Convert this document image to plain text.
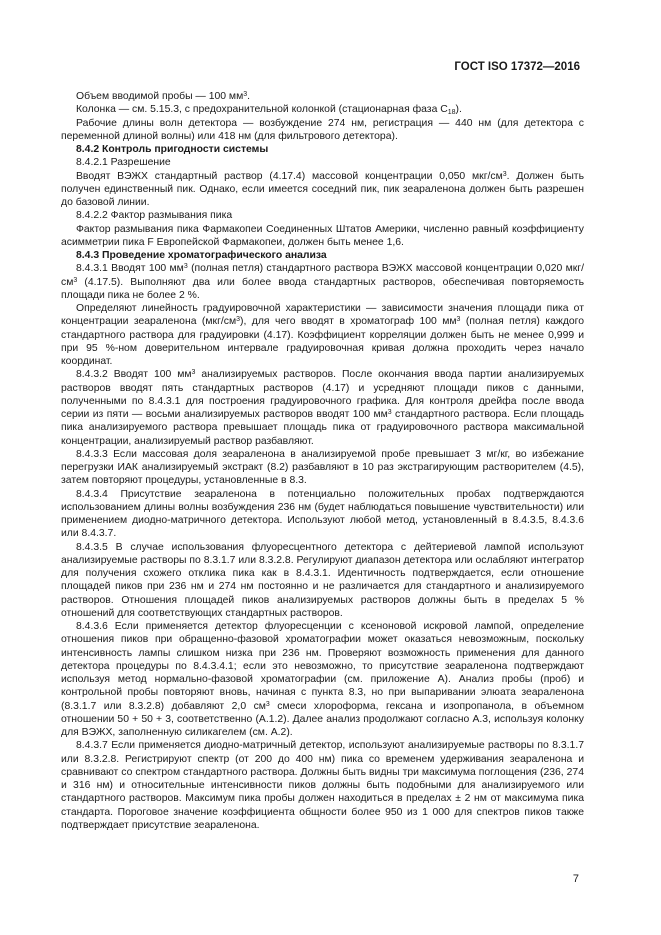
ГОСТ ISO 17372—2016

Объем вводимой пробы — 100 $мм^3$.

Колонка — см. 5.15.3, с предохранительной колонкой (стационарная фаза $С_{18}$).

Рабочие длины волн детектора — возбуждение 274 нм, регистрация — 440 нм (для детектора с переменной длиной волны) или 418 нм (для фильтрового детектора).

8.4.2 Контроль пригодности системы

8.4.2.1 Разрешение

Вводят ВЭЖХ стандартный раствор (4.17.4) массовой концентрации 0,050 мкг/$см^3$. Должен быть получен единственный пик. Однако, если имеется соседний пик, пик зеараленона должен быть разрешен до базовой линии.

8.4.2.2 Фактор размывания пика

Фактор размывания пика Фармакопеи Соединенных Штатов Америки, численно равный коэффициенту асимметрии пика F Европейской Фармакопеи, должен быть менее 1,6.

8.4.3 Проведение хроматографического анализа

8.4.3.1 Вводят 100 $мм^3$ (полная петля) стандартного раствора ВЭЖХ массовой концентрации 0,020 мкг/$см^3$ (4.17.5). Выполняют два или более ввода стандартных растворов, обеспечивая повторяемость площади пика не более 2 %.

Определяют линейность градуировочной характеристики — зависимости значения площади пика от концентрации зеараленона $(мкг/см^3)$, для чего вводят в хроматограф 100 $мм^3$ (полная петля) каждого стандартного раствора для градуировки (4.17). Коэффициент корреляции должен быть не менее 0,999 и при 95 %-ном доверительном интервале градуировочная кривая должна проходить через начало координат.

8.4.3.2 Вводят 100 $мм^3$ анализируемых растворов. После окончания ввода партии анализируемых растворов вводят пять стандартных растворов (4.17) и усредняют площади пиков с данными, полученными по 8.4.3.1 для построения градуировочного графика. Для контроля дрейфа после ввода серии из пяти — восьми анализируемых растворов вводят 100 $мм^3$ стандартного раствора. Если площадь пика анализируемого раствора превышает площадь пика от градуировочного раствора максимальной концентрации, анализируемый раствор разбавляют.

8.4.3.3 Если массовая доля зеараленона в анализируемой пробе превышает 3 мг/кг, во избежание перегрузки ИАК анализируемый экстракт (8.2) разбавляют в 10 раз экстрагирующим растворителем (4.5), затем повторяют процедуры, установленные в 8.3.

8.4.3.4 Присутствие зеараленона в потенциально положительных пробах подтверждаются использованием длины волны возбуждения 236 нм (будет наблюдаться повышение чувствительности) или применением диодно-матричного детектора. Используют любой метод, установленный в 8.4.3.5, 8.4.3.6 или 8.4.3.7.

8.4.3.5 В случае использования флуоресцентного детектора с дейтериевой лампой используют анализируемые растворы по 8.3.1.7 или 8.3.2.8. Регулируют диапазон детектора или ослабляют интегратор для получения схожего отклика пика как в 8.4.3.1. Идентичность подтверждается, если отношение площадей пиков при 236 нм и 274 нм постоянно и не различается для стандартного и анализируемого растворов. Отношения площадей пиков анализируемых растворов должны быть в пределах 5 % отношений для соответствующих стандартных растворов.

8.4.3.6 Если применяется детектор флуоресценции с ксеноновой искровой лампой, определение отношения пиков при обращенно-фазовой хроматографии может оказаться невозможным, поскольку интенсивность лампы слишком низка при 236 нм. Проверяют возможность применения для данного детектора процедуры по 8.4.3.4.1; если это невозможно, то присутствие зеараленона подтверждают используя метод нормально-фазовой хроматографии (см. приложение А). Анализ пробы (проб) и контрольной пробы повторяют вновь, начиная с пункта 8.3, но при выпаривании элюата зеараленона (8.3.1.7 или 8.3.2.8) добавляют 2,0 $см^3$ смеси хлороформа, гексана и изопропанола, в объемном отношении 50 + 50 + 3, соответственно (А.1.2). Далее анализ продолжают согласно А.3, используя колонку для ВЭЖХ, заполненную силикагелем (см. А.2).

8.4.3.7 Если применяется диодно-матричный детектор, используют анализируемые растворы по 8.3.1.7 или 8.3.2.8. Регистрируют спектр (от 200 до 400 нм) пика со временем удерживания зеараленона и сравнивают со спектром стандартного раствора. Должны быть видны три максимума поглощения (236, 274 и 316 нм) и относительные интенсивности пиков должны быть подобными для анализируемого или стандартного растворов. Максимум пика пробы должен находиться в пределах ± 2 нм от максимума пика стандарта. Пороговое значение коэффициента общности более 950 из 1 000 для спектров пиков также подтверждает присутствие зеараленона.

7
